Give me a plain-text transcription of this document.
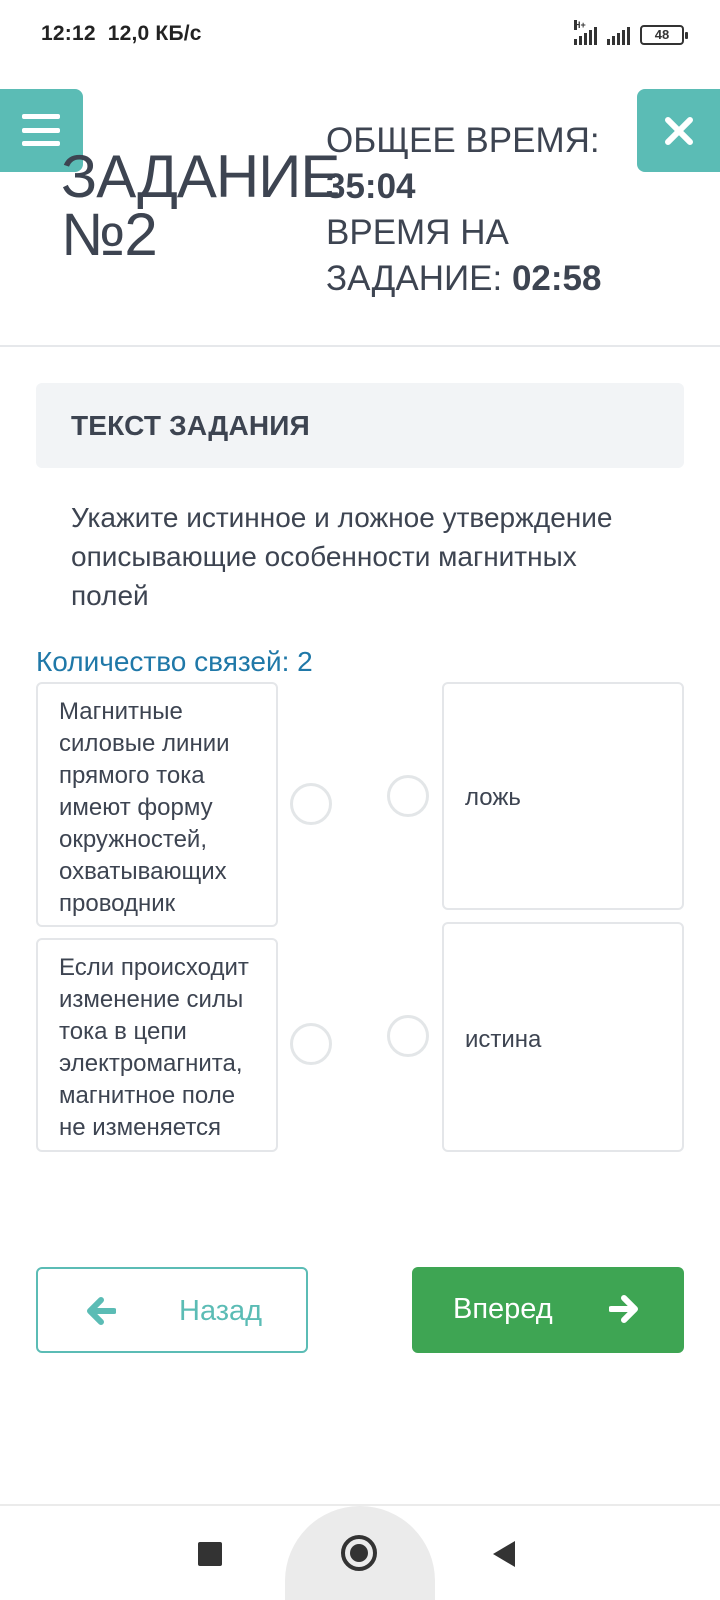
12:12 12,0 КБ/с	H+
48
ЗАДАНИЕ
№2
ОБЩЕЕ ВРЕМЯ:
35:04
ВРЕМЯ НА
ЗАДАНИЕ: 02:58
ТЕКСТ ЗАДАНИЯ
Укажите истинное и ложное утверждение описывающие особенности магнитных полей
Количество связей: 2
Магнитные силовые линии прямого тока имеют форму окружностей, охватывающих проводник
Если происходит изменение силы тока в цепи электромагнита, магнитное поле не изменяется
ложь
истина
Назад	Вперед
